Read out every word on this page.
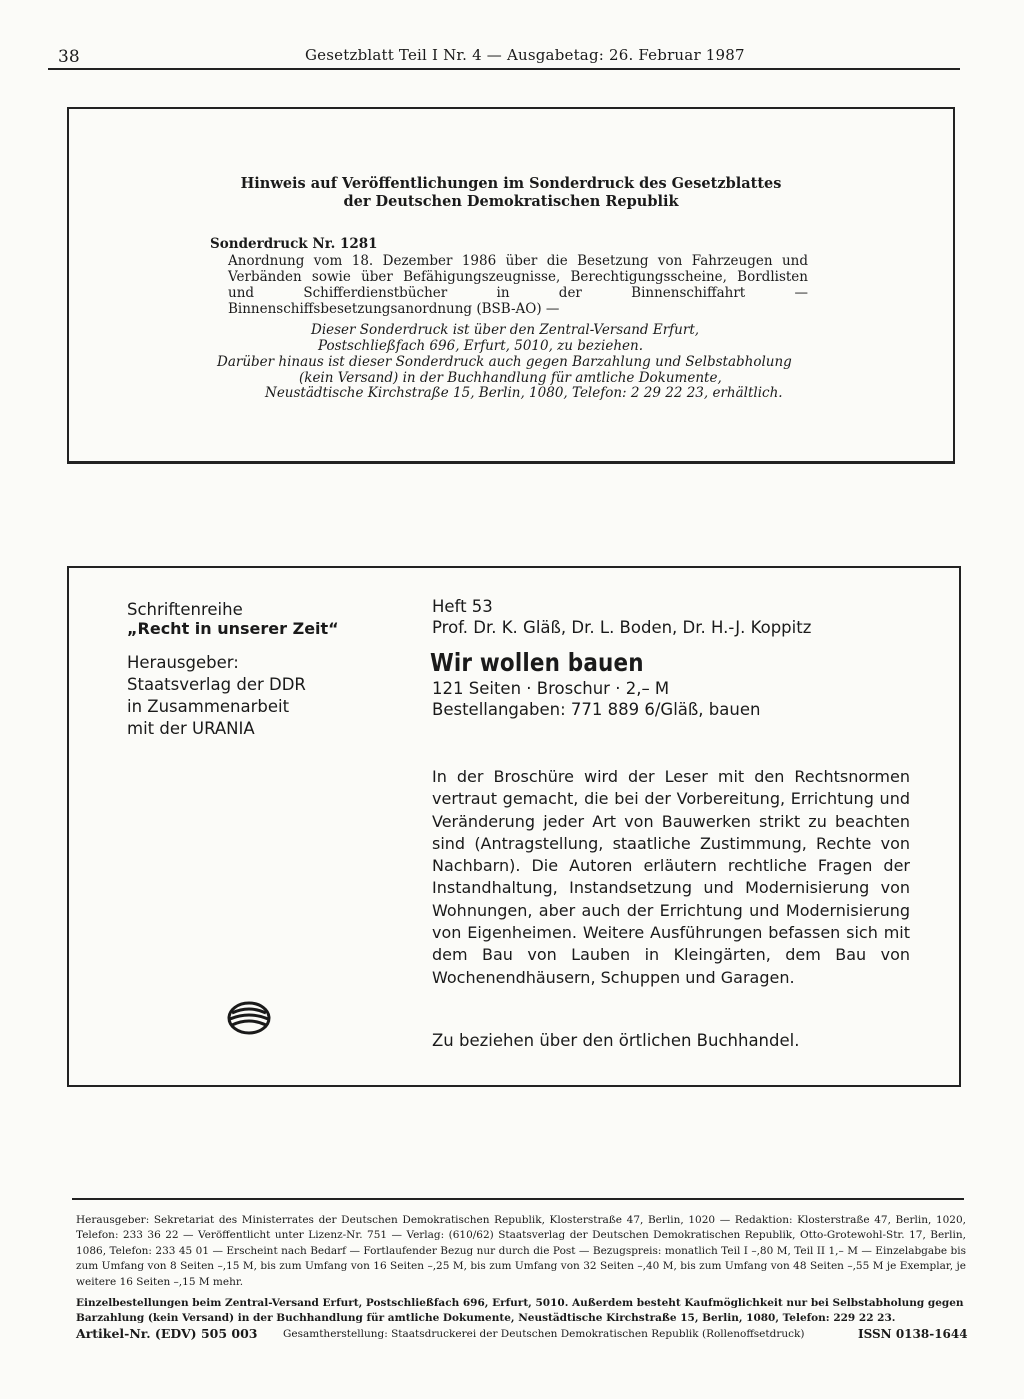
38	Gesetzblatt Teil I Nr. 4 — Ausgabetag: 26. Februar 1987
Hinweis auf Veröffentlichungen im Sonderdruck des Gesetzblattes
der Deutschen Demokratischen Republik
Sonderdruck Nr. 1281
Anordnung vom 18. Dezember 1986 über die Besetzung von Fahrzeugen und Verbänden sowie über Befähigungszeugnisse, Berechtigungsscheine, Bordlisten und Schifferdienstbücher in der Binnenschiffahrt — Binnenschiffsbesetzungsanordnung (BSB-AO) —
Dieser Sonderdruck ist über den Zentral-Versand Erfurt,
Postschließfach 696, Erfurt, 5010, zu beziehen.
Darüber hinaus ist dieser Sonderdruck auch gegen Barzahlung und Selbstabholung
(kein Versand) in der Buchhandlung für amtliche Dokumente,
Neustädtische Kirchstraße 15, Berlin, 1080, Telefon: 2 29 22 23, erhältlich.
Schriftenreihe
„Recht in unserer Zeit“
Herausgeber:
Staatsverlag der DDR
in Zusammenarbeit
mit der URANIA
Heft 53
Prof. Dr. K. Gläß, Dr. L. Boden, Dr. H.-J. Koppitz
Wir wollen bauen
121 Seiten · Broschur · 2,– M
Bestellangaben: 771 889 6/Gläß, bauen
In der Broschüre wird der Leser mit den Rechtsnormen vertraut gemacht, die bei der Vorbereitung, Errichtung und Veränderung jeder Art von Bauwerken strikt zu beachten sind (Antragstellung, staatliche Zustimmung, Rechte von Nachbarn). Die Autoren erläutern rechtliche Fragen der Instandhaltung, Instandsetzung und Modernisierung von Wohnungen, aber auch der Errichtung und Modernisierung von Eigenheimen. Weitere Ausführungen befassen sich mit dem Bau von Lauben in Kleingärten, dem Bau von Wochenendhäusern, Schuppen und Garagen.
Zu beziehen über den örtlichen Buchhandel.
Herausgeber: Sekretariat des Ministerrates der Deutschen Demokratischen Republik, Klosterstraße 47, Berlin, 1020 — Redaktion: Klosterstraße 47, Berlin, 1020, Telefon: 233 36 22 — Veröffentlicht unter Lizenz-Nr. 751 — Verlag: (610/62) Staatsverlag der Deutschen Demokratischen Republik, Otto-Grotewohl-Str. 17, Berlin, 1086, Telefon: 233 45 01 — Erscheint nach Bedarf — Fortlaufender Bezug nur durch die Post — Bezugspreis: monatlich Teil I –,80 M, Teil II 1,– M — Einzelabgabe bis zum Umfang von 8 Seiten –,15 M, bis zum Umfang von 16 Seiten –,25 M, bis zum Umfang von 32 Seiten –,40 M, bis zum Umfang von 48 Seiten –,55 M je Exemplar, je weitere 16 Seiten –,15 M mehr.
Einzelbestellungen beim Zentral-Versand Erfurt, Postschließfach 696, Erfurt, 5010. Außerdem besteht Kaufmöglichkeit nur bei Selbstabholung gegen Barzahlung (kein Versand) in der Buchhandlung für amtliche Dokumente, Neustädtische Kirchstraße 15, Berlin, 1080, Telefon: 229 22 23.
Artikel-Nr. (EDV) 505 003 Gesamtherstellung: Staatsdruckerei der Deutschen Demokratischen Republik (Rollenoffsetdruck)	ISSN 0138-1644
